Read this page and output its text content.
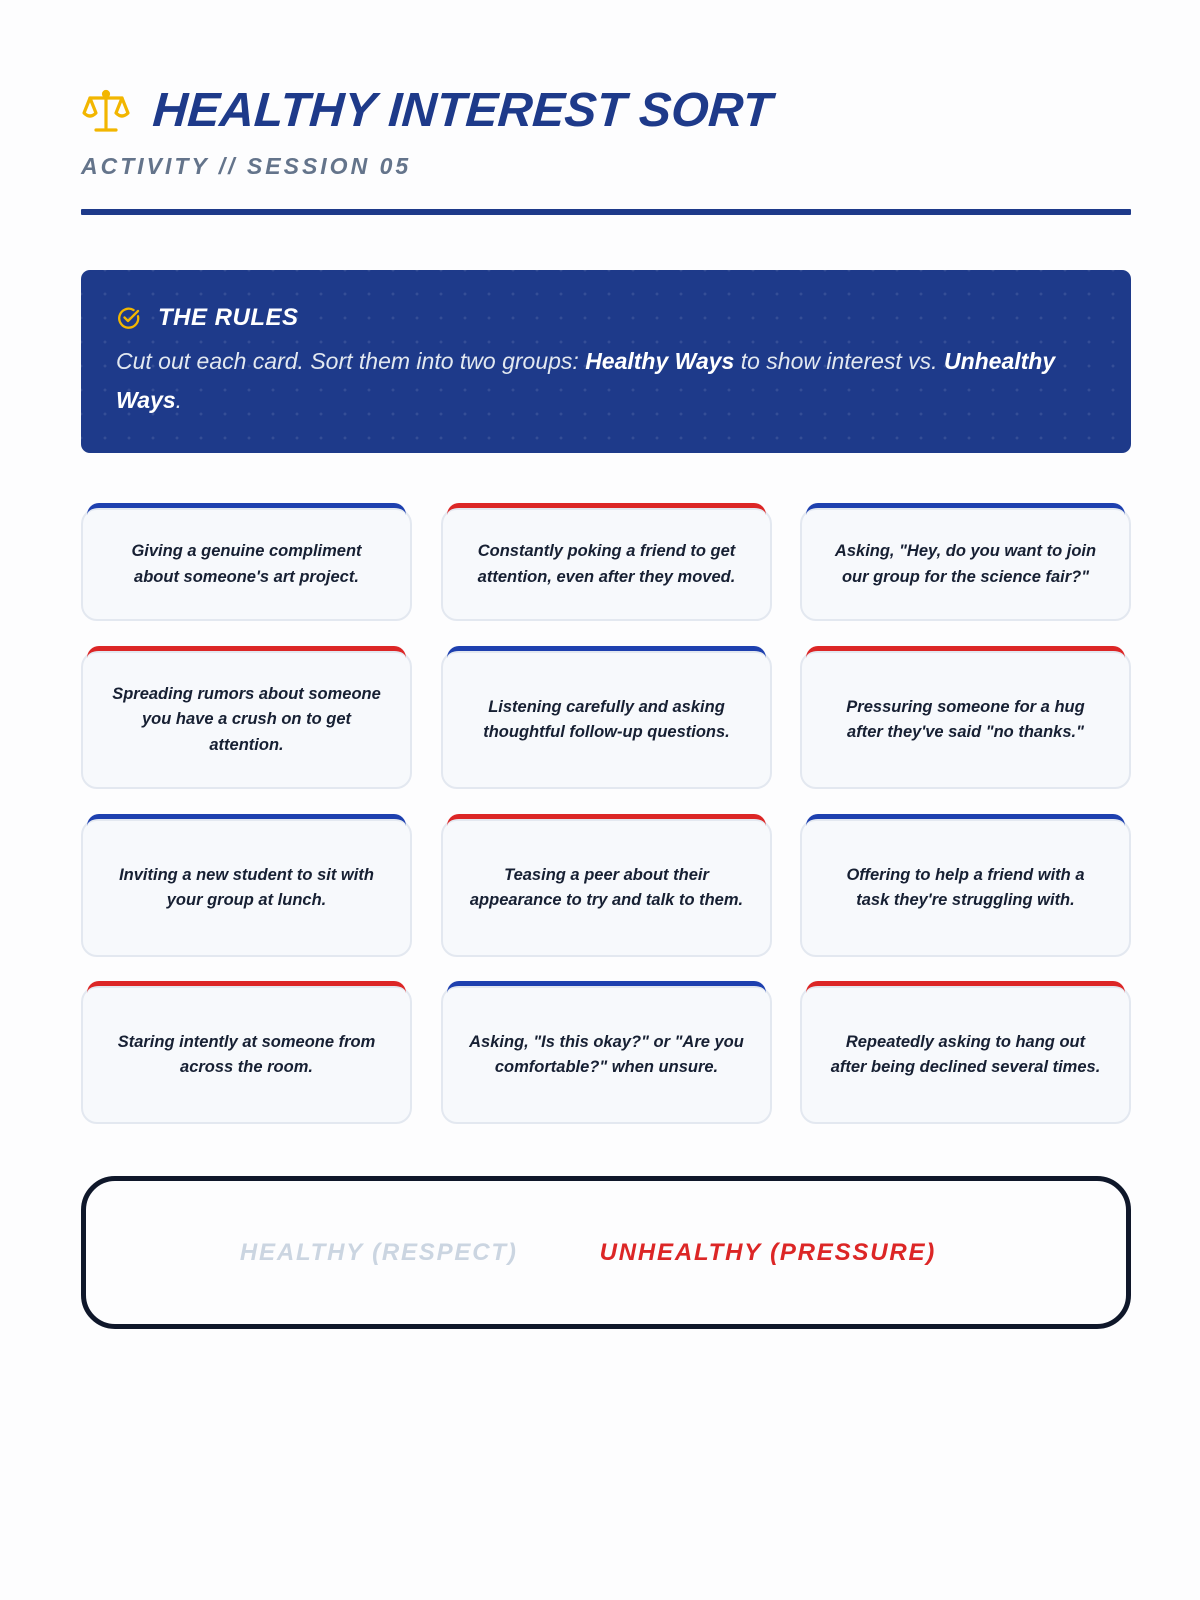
HEALTHY INTEREST SORT
ACTIVITY // SESSION 05
THE RULES

Cut out each card. Sort them into two groups: Healthy Ways to show interest vs. Unhealthy Ways.

Giving a genuine compliment about someone's art project.
Constantly poking a friend to get attention, even after they moved.
Asking, "Hey, do you want to join our group for the science fair?"
Spreading rumors about someone you have a crush on to get attention.
Listening carefully and asking thoughtful follow-up questions.
Pressuring someone for a hug after they've said "no thanks."
Inviting a new student to sit with your group at lunch.
Teasing a peer about their appearance to try and talk to them.
Offering to help a friend with a task they're struggling with.
Staring intently at someone from across the room.
Asking, "Is this okay?" or "Are you comfortable?" when unsure.
Repeatedly asking to hang out after being declined several times.
HEALTHY (RESPECT)	UNHEALTHY (PRESSURE)
